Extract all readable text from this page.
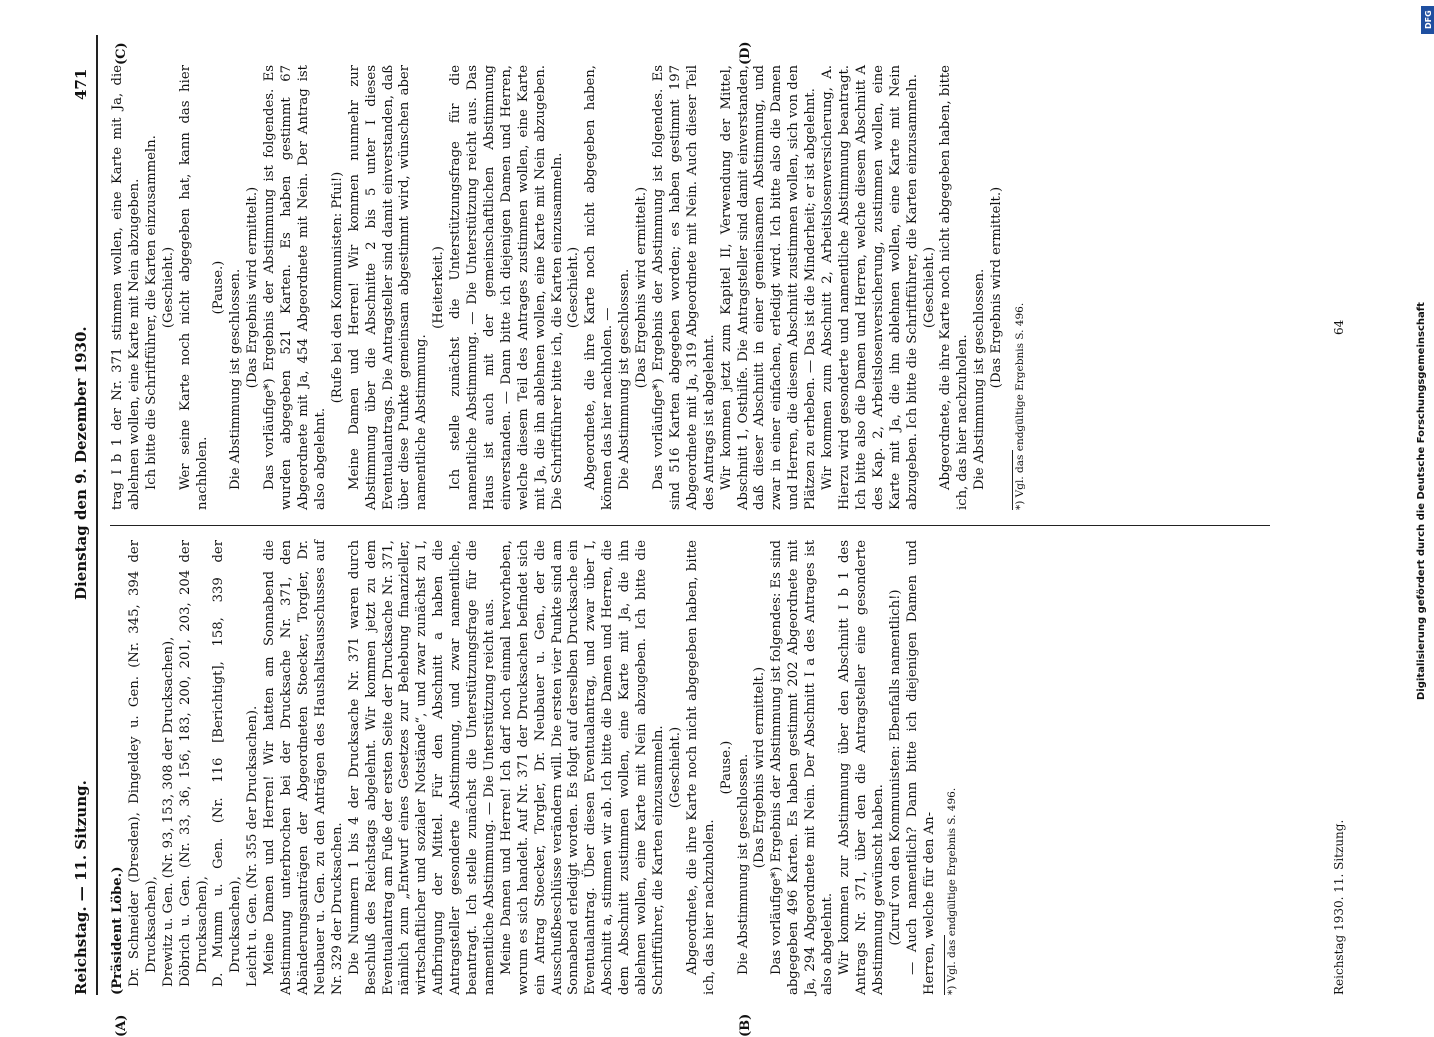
Reichstag. — 11. Sitzung.
Dienstag den 9. Dezember 1930.
471
(A)	(B)
(C)	(D)

(Präsident Löbe.) Dr. Schneider (Dresden), Dingeldey u. Gen. (Nr. 345, 394 der Drucksachen), Drewitz u. Gen. (Nr. 93, 153, 308 der Drucksachen), Döbrich u. Gen. (Nr. 33, 36, 156, 183, 200, 201, 203, 204 der Drucksachen), D. Mumm u. Gen. (Nr. 116 [Berichtigt], 158, 339 der Drucksachen), Leicht u. Gen. (Nr. 355 der Drucksachen). Meine Damen und Herren! Wir hatten am Sonnabend die Abstimmung unterbrochen bei der Drucksache Nr. 371, den Abänderungsanträgen der Abgeordneten Stoecker, Torgler, Dr. Neubauer u. Gen. zu den Anträgen des Haushaltsausschusses auf Nr. 329 der Drucksachen. Die Nummern 1 bis 4 der Drucksache Nr. 371 waren durch Beschluß des Reichstags abgelehnt. Wir kommen jetzt zu dem Eventualantrag am Fuße der ersten Seite der Drucksache Nr. 371, nämlich zum „Entwurf eines Gesetzes zur Behebung finanzieller, wirtschaftlicher und sozialer Notstände“, und zwar zunächst zu I, Aufbringung der Mittel. Für den Abschnitt a haben die Antragsteller gesonderte Abstimmung, und zwar namentliche, beantragt. Ich stelle zunächst die Unterstützungsfrage für die namentliche Abstimmung. — Die Unterstützung reicht aus. Meine Damen und Herren! Ich darf noch einmal hervorheben, worum es sich handelt. Auf Nr. 371 der Drucksachen befindet sich ein Antrag Stoecker, Torgler, Dr. Neubauer u. Gen., der die Ausschußbeschlüsse verändern will. Die ersten vier Punkte sind am Sonnabend erledigt worden. Es folgt auf derselben Drucksache ein Eventualantrag. Über diesen Eventualantrag, und zwar über I, Abschnitt a, stimmen wir ab. Ich bitte die Damen und Herren, die dem Abschnitt zustimmen wollen, eine Karte mit Ja, die ihn ablehnen wollen, eine Karte mit Nein abzugeben. Ich bitte die Schriftführer, die Karten einzusammeln. (Geschieht.) Abgeordnete, die ihre Karte noch nicht abgegeben haben, bitte ich, das hier nachzuholen.

(Pause.) Die Abstimmung ist geschlossen. (Das Ergebnis wird ermittelt.) Das vorläufige*) Ergebnis der Abstimmung ist folgendes: Es sind abgegeben 496 Karten. Es haben gestimmt 202 Abgeordnete mit Ja, 294 Abgeordnete mit Nein. Der Abschnitt I a des Antrages ist also abgelehnt. Wir kommen zur Abstimmung über den Abschnitt I b 1 des Antrags Nr. 371, über den die Antragsteller eine gesonderte Abstimmung gewünscht haben. (Zuruf von den Kommunisten: Ebenfalls namentlich!) — Auch namentlich? Dann bitte ich diejenigen Damen und Herren, welche für den An- *) Vgl. das endgültige Ergebnis S. 496.	Reichstag 1930. 11. Sitzung.

trag I b 1 der Nr. 371 stimmen wollen, eine Karte mit Ja, die ablehnen wollen, eine Karte mit Nein abzugeben. Ich bitte die Schriftführer, die Karten einzusammeln. (Geschieht.) Wer seine Karte noch nicht abgegeben hat, kann das hier nachholen.

(Pause.) Die Abstimmung ist geschlossen. (Das Ergebnis wird ermittelt.) Das vorläufige*) Ergebnis der Abstimmung ist folgendes. Es wurden abgegeben 521 Karten. Es haben gestimmt 67 Abgeordnete mit Ja, 454 Abgeordnete mit Nein. Der Antrag ist also abgelehnt.

(Rufe bei den Kommunisten: Pfui!) Meine Damen und Herren! Wir kommen nunmehr zur Abstimmung über die Abschnitte 2 bis 5 unter I dieses Eventualantrags. Die Antragsteller sind damit einverstanden, daß über diese Punkte gemeinsam abgestimmt wird, wünschen aber namentliche Abstimmung.

(Heiterkeit.) Ich stelle zunächst die Unterstützungsfrage für die namentliche Abstimmung. — Die Unterstützung reicht aus. Das Haus ist auch mit der gemeinschaftlichen Abstimmung einverstanden. — Dann bitte ich diejenigen Damen und Herren, welche diesem Teil des Antrages zustimmen wollen, eine Karte mit Ja, die ihn ablehnen wollen, eine Karte mit Nein abzugeben. Die Schriftführer bitte ich, die Karten einzusammeln. (Geschieht.) Abgeordnete, die ihre Karte noch nicht abgegeben haben, können das hier nachholen. — Die Abstimmung ist geschlossen. (Das Ergebnis wird ermittelt.) Das vorläufige*) Ergebnis der Abstimmung ist folgendes. Es sind 516 Karten abgegeben worden; es haben gestimmt 197 Abgeordnete mit Ja, 319 Abgeordnete mit Nein. Auch dieser Teil des Antrags ist abgelehnt. Wir kommen jetzt zum Kapitel II, Verwendung der Mittel, Abschnitt 1, Osthilfe. Die Antragsteller sind damit einverstanden, daß dieser Abschnitt in einer gemeinsamen Abstimmung, und zwar in einer einfachen, erledigt wird. Ich bitte also die Damen und Herren, die diesem Abschnitt zustimmen wollen, sich von den Plätzen zu erheben. — Das ist die Minderheit; er ist abgelehnt. Wir kommen zum Abschnitt 2, Arbeitslosenversicherung, A. Hierzu wird gesonderte und namentliche Abstimmung beantragt. Ich bitte also die Damen und Herren, welche diesem Abschnitt A des Kap. 2, Arbeitslosenversicherung, zustimmen wollen, eine Karte mit Ja, die ihn ablehnen wollen, eine Karte mit Nein abzugeben. Ich bitte die Schriftführer, die Karten einzusammeln. (Geschieht.) Abgeordnete, die ihre Karte noch nicht abgegeben haben, bitte ich, das hier nachzuholen. Die Abstimmung ist geschlossen. (Das Ergebnis wird ermittelt.)

*) Vgl. das endgültige Ergebnis S. 496.	64
DFG
Digitalisierung gefördert durch die Deutsche Forschungsgemeinschaft
